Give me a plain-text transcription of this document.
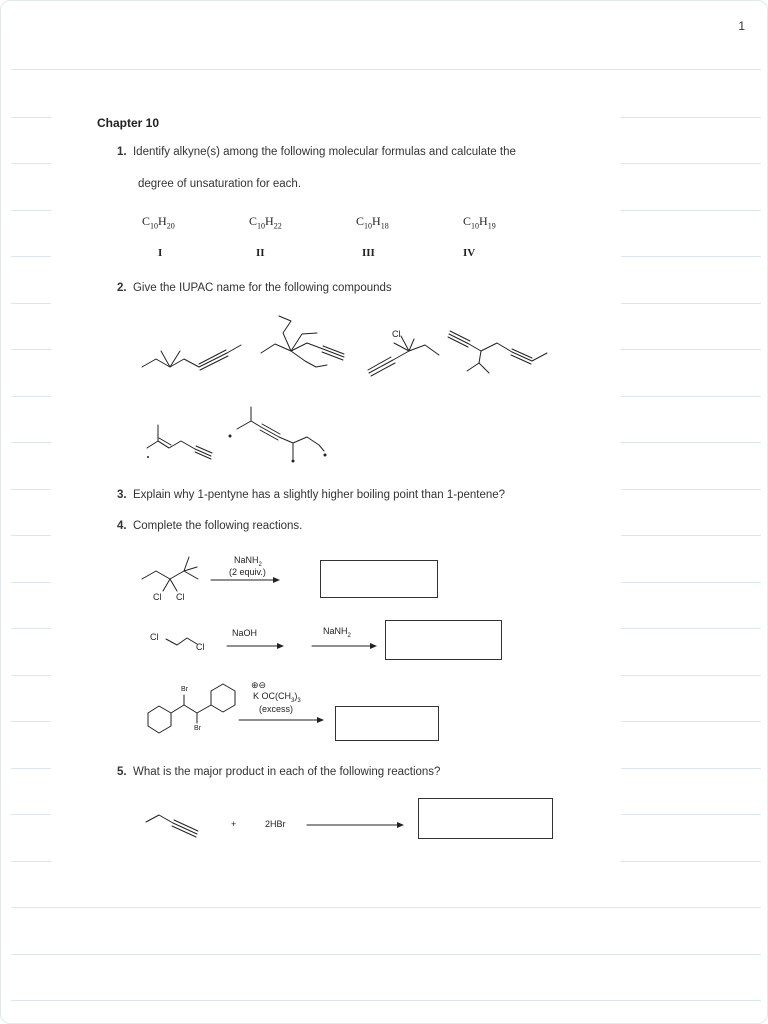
1
Chapter 10
1. Identify alkyne(s) among the following molecular formulas and calculate the
degree of unsaturation for each.
$C_{10}H_{20}$	$C_{10}H_{22}$	$C_{10}H_{18}$	$C_{10}H_{19}$
I	II	III	IV
2. Give the IUPAC name for the following compounds
3. Explain why 1-pentyne has a slightly higher boiling point than 1-pentene?
4. Complete the following reactions.
5. What is the major product in each of the following reactions?
Cl
Cl Cl
NaNH$_2$
(2 equiv.)
Cl
Cl
NaOH	NaNH$_2$
⊕⊖
K $OC(CH_3)_3$
(excess)
Br
Br
+	2HBr
